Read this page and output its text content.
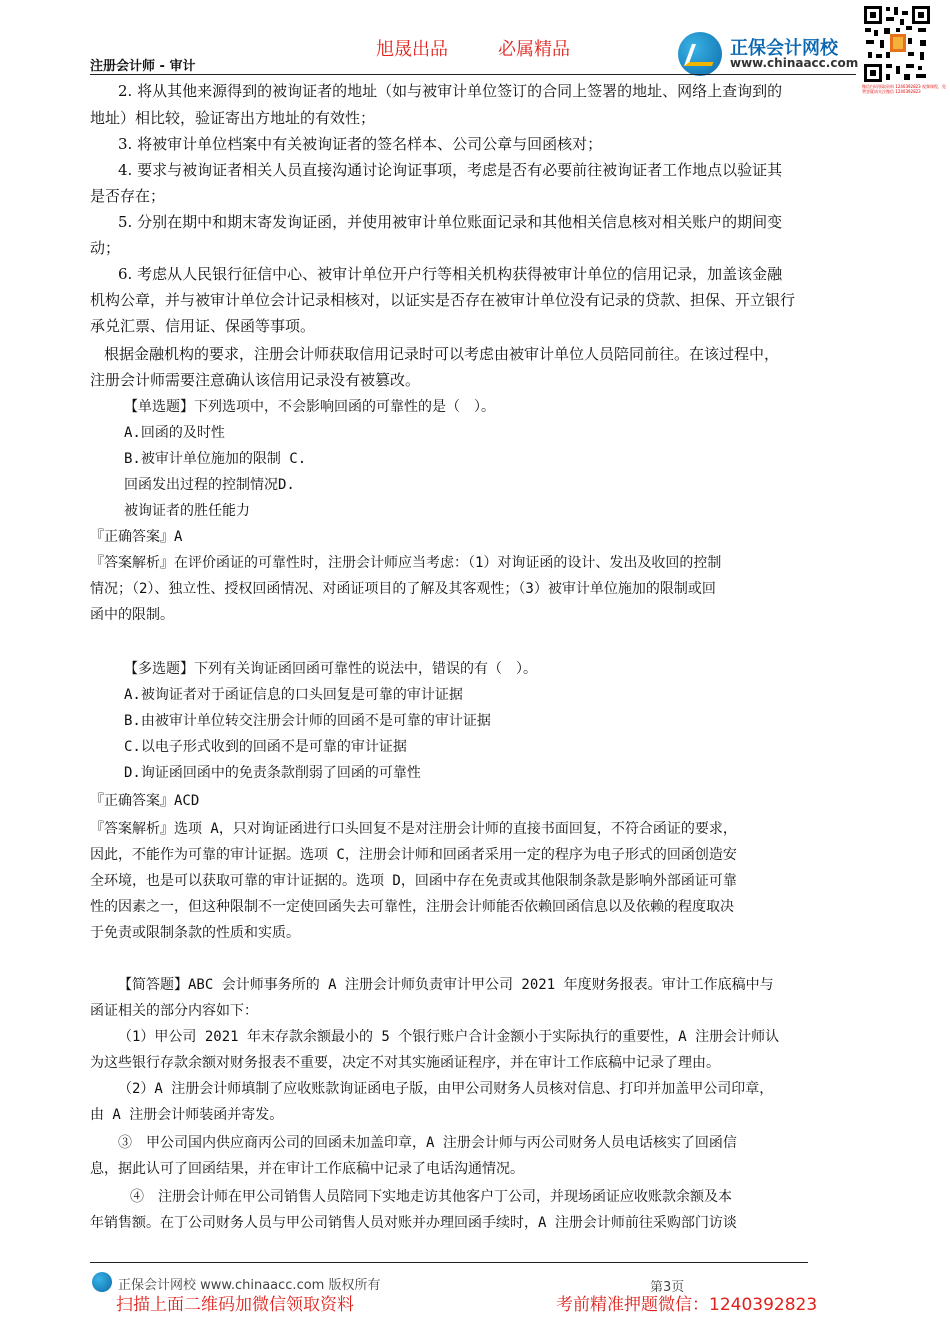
旭晟出品	必属精品
注册会计师 - 审计
正保会计网校
www.chinaacc.com
微信扫码领取资料 1240392823 视频课程，免费答疑请关注微信 1240392823
2. 将从其他来源得到的被询证者的地址（如与被审计单位签订的合同上签署的地址、网络上查询到的
地址）相比较，验证寄出方地址的有效性；
3. 将被审计单位档案中有关被询证者的签名样本、公司公章与回函核对；
4. 要求与被询证者相关人员直接沟通讨论询证事项，考虑是否有必要前往被询证者工作地点以验证其
是否存在；
5. 分别在期中和期末寄发询证函，并使用被审计单位账面记录和其他相关信息核对相关账户的期间变
动；
6. 考虑从人民银行征信中心、被审计单位开户行等相关机构获得被审计单位的信用记录，加盖该金融
机构公章，并与被审计单位会计记录相核对，以证实是否存在被审计单位没有记录的贷款、担保、开立银行
承兑汇票、信用证、保函等事项。
根据金融机构的要求，注册会计师获取信用记录时可以考虑由被审计单位人员陪同前往。在该过程中，
注册会计师需要注意确认该信用记录没有被篡改。
【单选题】下列选项中，不会影响回函的可靠性的是（　）。
A.回函的及时性
B.被审计单位施加的限制 C.
回函发出过程的控制情况D.
被询证者的胜任能力
『正确答案』A
『答案解析』在评价函证的可靠性时，注册会计师应当考虑：（1）对询证函的设计、发出及收回的控制
情况；（2）、独立性、授权回函情况、对函证项目的了解及其客观性；（3）被审计单位施加的限制或回
函中的限制。
【多选题】下列有关询证函回函可靠性的说法中，错误的有（　）。
A.被询证者对于函证信息的口头回复是可靠的审计证据
B.由被审计单位转交注册会计师的回函不是可靠的审计证据
C.以电子形式收到的回函不是可靠的审计证据
D.询证函回函中的免责条款削弱了回函的可靠性
『正确答案』ACD
『答案解析』选项 A，只对询证函进行口头回复不是对注册会计师的直接书面回复，不符合函证的要求，
因此，不能作为可靠的审计证据。选项 C，注册会计师和回函者采用一定的程序为电子形式的回函创造安
全环境，也是可以获取可靠的审计证据的。选项 D，回函中存在免责或其他限制条款是影响外部函证可靠
性的因素之一，但这种限制不一定使回函失去可靠性，注册会计师能否依赖回函信息以及依赖的程度取决
于免责或限制条款的性质和实质。
【简答题】ABC 会计师事务所的 A 注册会计师负责审计甲公司 2021 年度财务报表。审计工作底稿中与
函证相关的部分内容如下：
（1）甲公司 2021 年末存款余额最小的 5 个银行账户合计金额小于实际执行的重要性，A 注册会计师认
为这些银行存款余额对财务报表不重要，决定不对其实施函证程序，并在审计工作底稿中记录了理由。
（2）A 注册会计师填制了应收账款询证函电子版，由甲公司财务人员核对信息、打印并加盖甲公司印章，
由 A 注册会计师装函并寄发。
③　甲公司国内供应商丙公司的回函未加盖印章，A 注册会计师与丙公司财务人员电话核实了回函信
息，据此认可了回函结果，并在审计工作底稿中记录了电话沟通情况。
④　注册会计师在甲公司销售人员陪同下实地走访其他客户丁公司，并现场函证应收账款余额及本
年销售额。在丁公司财务人员与甲公司销售人员对账并办理回函手续时，A 注册会计师前往采购部门访谈
正保会计网校 www.chinaacc.com 版权所有	第3页
扫描上面二维码加微信领取资料	考前精准押题微信：1240392823
